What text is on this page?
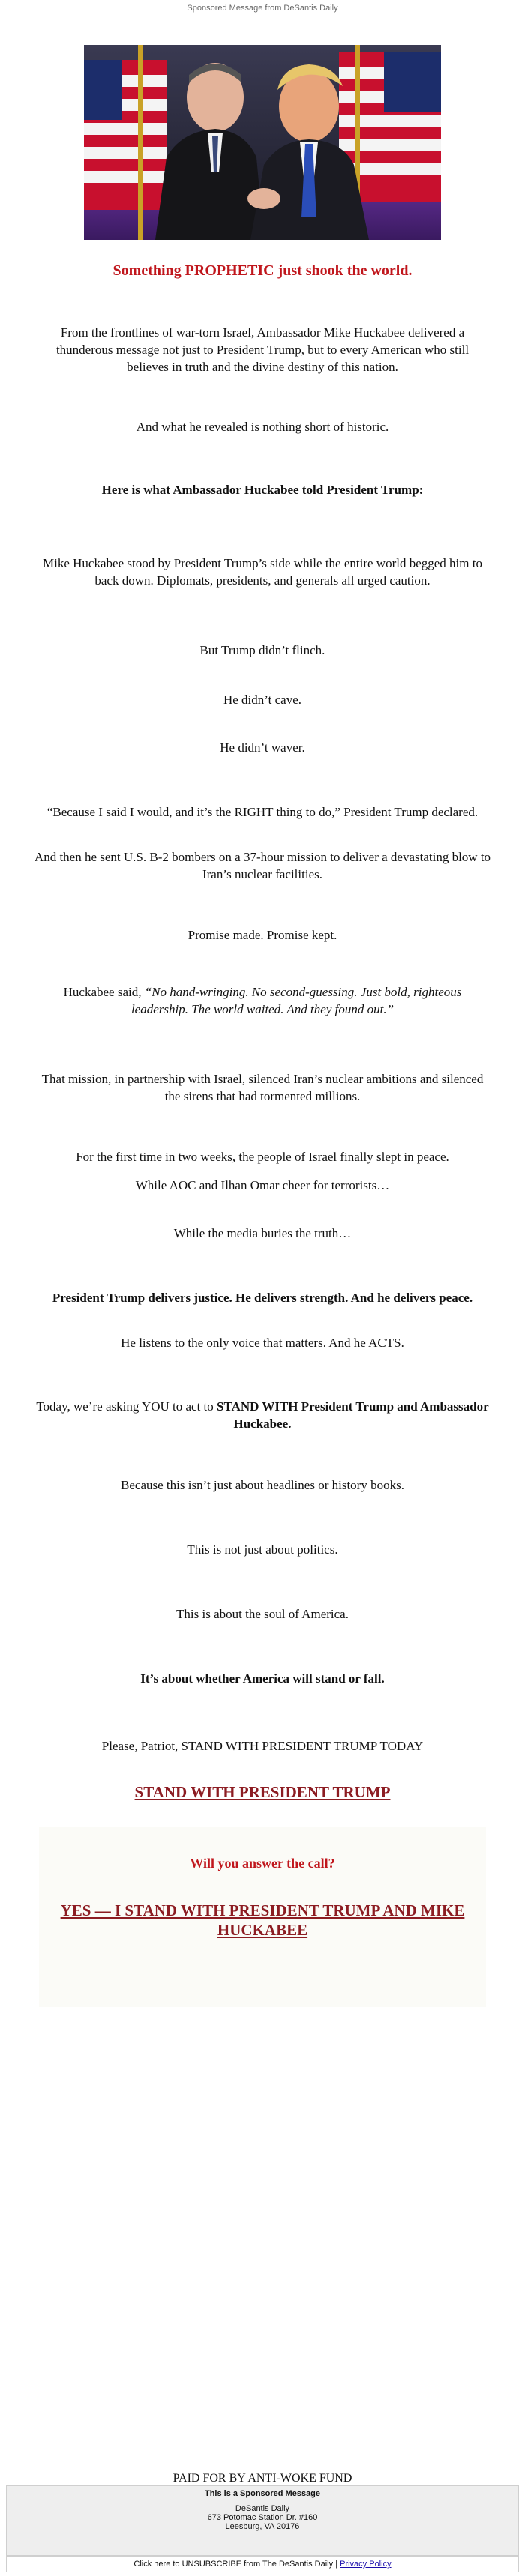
Sponsored Message from DeSantis Daily
Something PROPHETIC just shook the world.
From the frontlines of war-torn Israel, Ambassador Mike Huckabee delivered a thunderous message not just to President Trump, but to every American who still believes in truth and the divine destiny of this nation.
And what he revealed is nothing short of historic.
Here is what Ambassador Huckabee told President Trump:
Mike Huckabee stood by President Trump’s side while the entire world begged him to back down. Diplomats, presidents, and generals all urged caution.
But Trump didn’t flinch.
He didn’t cave.
He didn’t waver.
“Because I said I would, and it’s the RIGHT thing to do,” President Trump declared.
And then he sent U.S. B-2 bombers on a 37-hour mission to deliver a devastating blow to Iran’s nuclear facilities.
Promise made. Promise kept.
Huckabee said, “No hand-wringing. No second-guessing. Just bold, righteous leadership. The world waited. And they found out.”
That mission, in partnership with Israel, silenced Iran’s nuclear ambitions and silenced the sirens that had tormented millions.
For the first time in two weeks, the people of Israel finally slept in peace.
While AOC and Ilhan Omar cheer for terrorists…
While the media buries the truth…
President Trump delivers justice. He delivers strength. And he delivers peace.
He listens to the only voice that matters. And he ACTS.
Today, we’re asking YOU to act to STAND WITH President Trump and Ambassador Huckabee.
Because this isn’t just about headlines or history books.
This is not just about politics.
This is about the soul of America.
It’s about whether America will stand or fall.
Please, Patriot, STAND WITH PRESIDENT TRUMP TODAY
STAND WITH PRESIDENT TRUMP
Will you answer the call?
YES — I STAND WITH PRESIDENT TRUMP AND MIKE HUCKABEE
PAID FOR BY ANTI-WOKE FUND
This is a Sponsored Message
DeSantis Daily
673 Potomac Station Dr. #160
Leesburg, VA 20176
Click here to UNSUBSCRIBE from The DeSantis Daily | Privacy Policy
